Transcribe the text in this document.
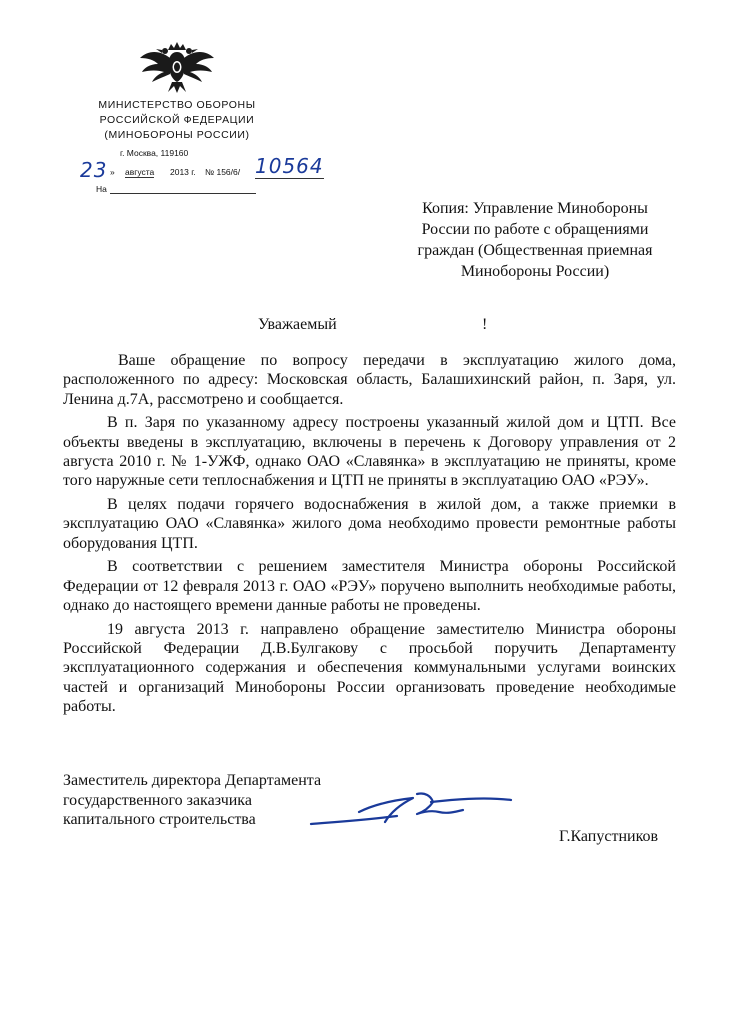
МИНИСТЕРСТВО ОБОРОНЫ
РОССИЙСКОЙ ФЕДЕРАЦИИ
(МИНОБОРОНЫ РОССИИ)
г. Москва, 119160
23 » августа 2013 г. № 156/6/ 10564
На
Копия: Управление Минобороны
России по работе с обращениями
граждан (Общественная приемная
Минобороны России)
Уважаемый	!

Ваше обращение по вопросу передачи в эксплуатацию жилого дома, расположенного по адресу: Московская область, Балашихинский район, п. Заря, ул. Ленина д.7А, рассмотрено и сообщается.

В п. Заря по указанному адресу построены указанный жилой дом и ЦТП. Все объекты введены в эксплуатацию, включены в перечень к Договору управления от 2 августа 2010 г. № 1-УЖФ, однако ОАО «Славянка» в эксплуатацию не приняты, кроме того наружные сети теплоснабжения и ЦТП не приняты в эксплуатацию ОАО «РЭУ».

В целях подачи горячего водоснабжения в жилой дом, а также приемки в эксплуатацию ОАО «Славянка» жилого дома необходимо провести ремонтные работы оборудования ЦТП.

В соответствии с решением заместителя Министра обороны Российской Федерации от 12 февраля 2013 г. ОАО «РЭУ» поручено выполнить необходимые работы, однако до настоящего времени данные работы не проведены.

19 августа 2013 г. направлено обращение заместителю Министра обороны Российской Федерации Д.В.Булгакову с просьбой поручить Департаменту эксплуатационного содержания и обеспечения коммунальными услугами воинских частей и организаций Минобороны России организовать проведение необходимые работы.

Заместитель директора Департамента
государственного заказчика
капитального строительства
Г.Капустников
